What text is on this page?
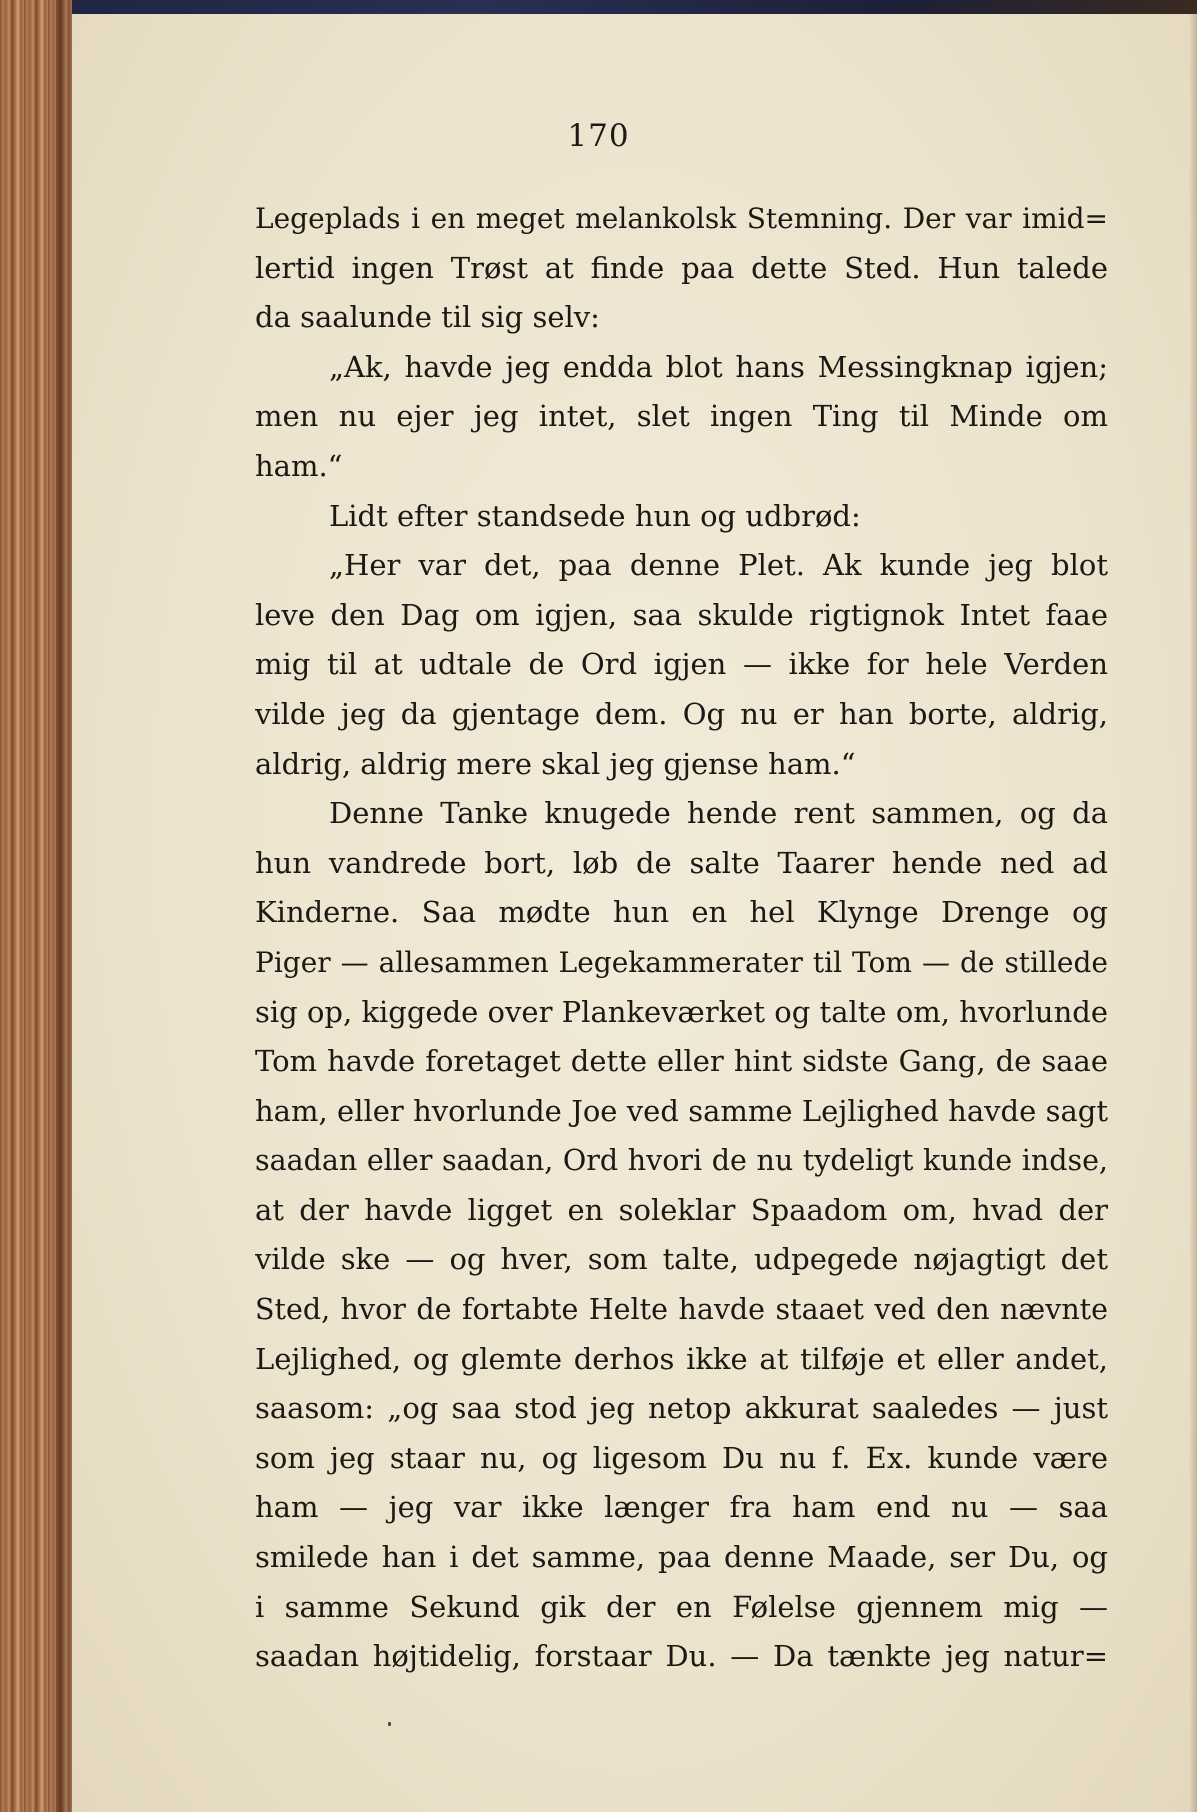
170
Legeplads i en meget melankolsk Stemning. Der var imid=
lertid ingen Trøst at finde paa dette Sted. Hun talede
da saalunde til sig selv:
„Ak, havde jeg endda blot hans Messingknap igjen;
men nu ejer jeg intet, slet ingen Ting til Minde om
ham.“
Lidt efter standsede hun og udbrød:
„Her var det, paa denne Plet. Ak kunde jeg blot
leve den Dag om igjen, saa skulde rigtignok Intet faae
mig til at udtale de Ord igjen — ikke for hele Verden
vilde jeg da gjentage dem. Og nu er han borte, aldrig,
aldrig, aldrig mere skal jeg gjense ham.“
Denne Tanke knugede hende rent sammen, og da
hun vandrede bort, løb de salte Taarer hende ned ad
Kinderne. Saa mødte hun en hel Klynge Drenge og
Piger — allesammen Legekammerater til Tom — de stillede
sig op, kiggede over Plankeværket og talte om, hvorlunde
Tom havde foretaget dette eller hint sidste Gang, de saae
ham, eller hvorlunde Joe ved samme Lejlighed havde sagt
saadan eller saadan, Ord hvori de nu tydeligt kunde indse,
at der havde ligget en soleklar Spaadom om, hvad der
vilde ske — og hver, som talte, udpegede nøjagtigt det
Sted, hvor de fortabte Helte havde staaet ved den nævnte
Lejlighed, og glemte derhos ikke at tilføje et eller andet,
saasom: „og saa stod jeg netop akkurat saaledes — just
som jeg staar nu, og ligesom Du nu f. Ex. kunde være
ham — jeg var ikke længer fra ham end nu — saa
smilede han i det samme, paa denne Maade, ser Du, og
i samme Sekund gik der en Følelse gjennem mig —
saadan højtidelig, forstaar Du. — Da tænkte jeg natur=
